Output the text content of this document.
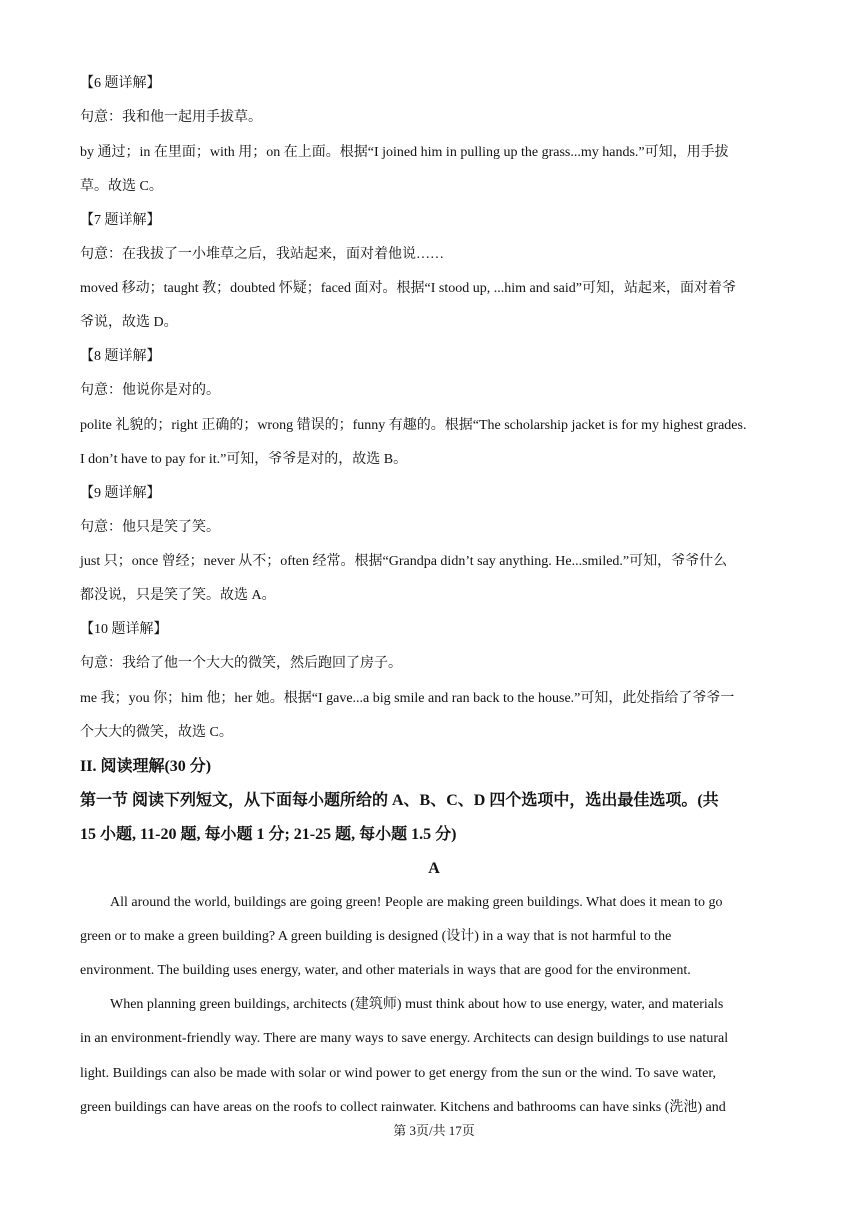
【6 题详解】
句意：我和他一起用手拔草。
by 通过；in 在里面；with 用；on 在上面。根据“I joined him in pulling up the grass...my hands.”可知，用手拔
草。故选 C。
【7 题详解】
句意：在我拔了一小堆草之后，我站起来，面对着他说……
moved 移动；taught 教；doubted 怀疑；faced 面对。根据“I stood up, ...him and said”可知，站起来，面对着爷
爷说，故选 D。
【8 题详解】
句意：他说你是对的。
polite 礼貌的；right 正确的；wrong 错误的；funny 有趣的。根据“The scholarship jacket is for my highest grades.
I don’t have to pay for it.”可知，爷爷是对的，故选 B。
【9 题详解】
句意：他只是笑了笑。
just 只；once 曾经；never 从不；often 经常。根据“Grandpa didn’t say anything. He...smiled.”可知，爷爷什么
都没说，只是笑了笑。故选 A。
【10 题详解】
句意：我给了他一个大大的微笑，然后跑回了房子。
me 我；you 你；him 他；her 她。根据“I gave...a big smile and ran back to the house.”可知，此处指给了爷爷一
个大大的微笑，故选 C。
II. 阅读理解(30 分)
第一节 阅读下列短文，从下面每小题所给的 A、B、C、D 四个选项中，选出最佳选项。(共
15 小题, 11-20 题, 每小题 1 分; 21-25 题, 每小题 1.5 分)
A
All around the world, buildings are going green! People are making green buildings. What does it mean to go
green or to make a green building? A green building is designed (设计) in a way that is not harmful to the
environment. The building uses energy, water, and other materials in ways that are good for the environment.
When planning green buildings, architects (建筑师) must think about how to use energy, water, and materials
in an environment-friendly way. There are many ways to save energy. Architects can design buildings to use natural
light. Buildings can also be made with solar or wind power to get energy from the sun or the wind. To save water,
green buildings can have areas on the roofs to collect rainwater. Kitchens and bathrooms can have sinks (洗池) and
第 3页/共 17页
